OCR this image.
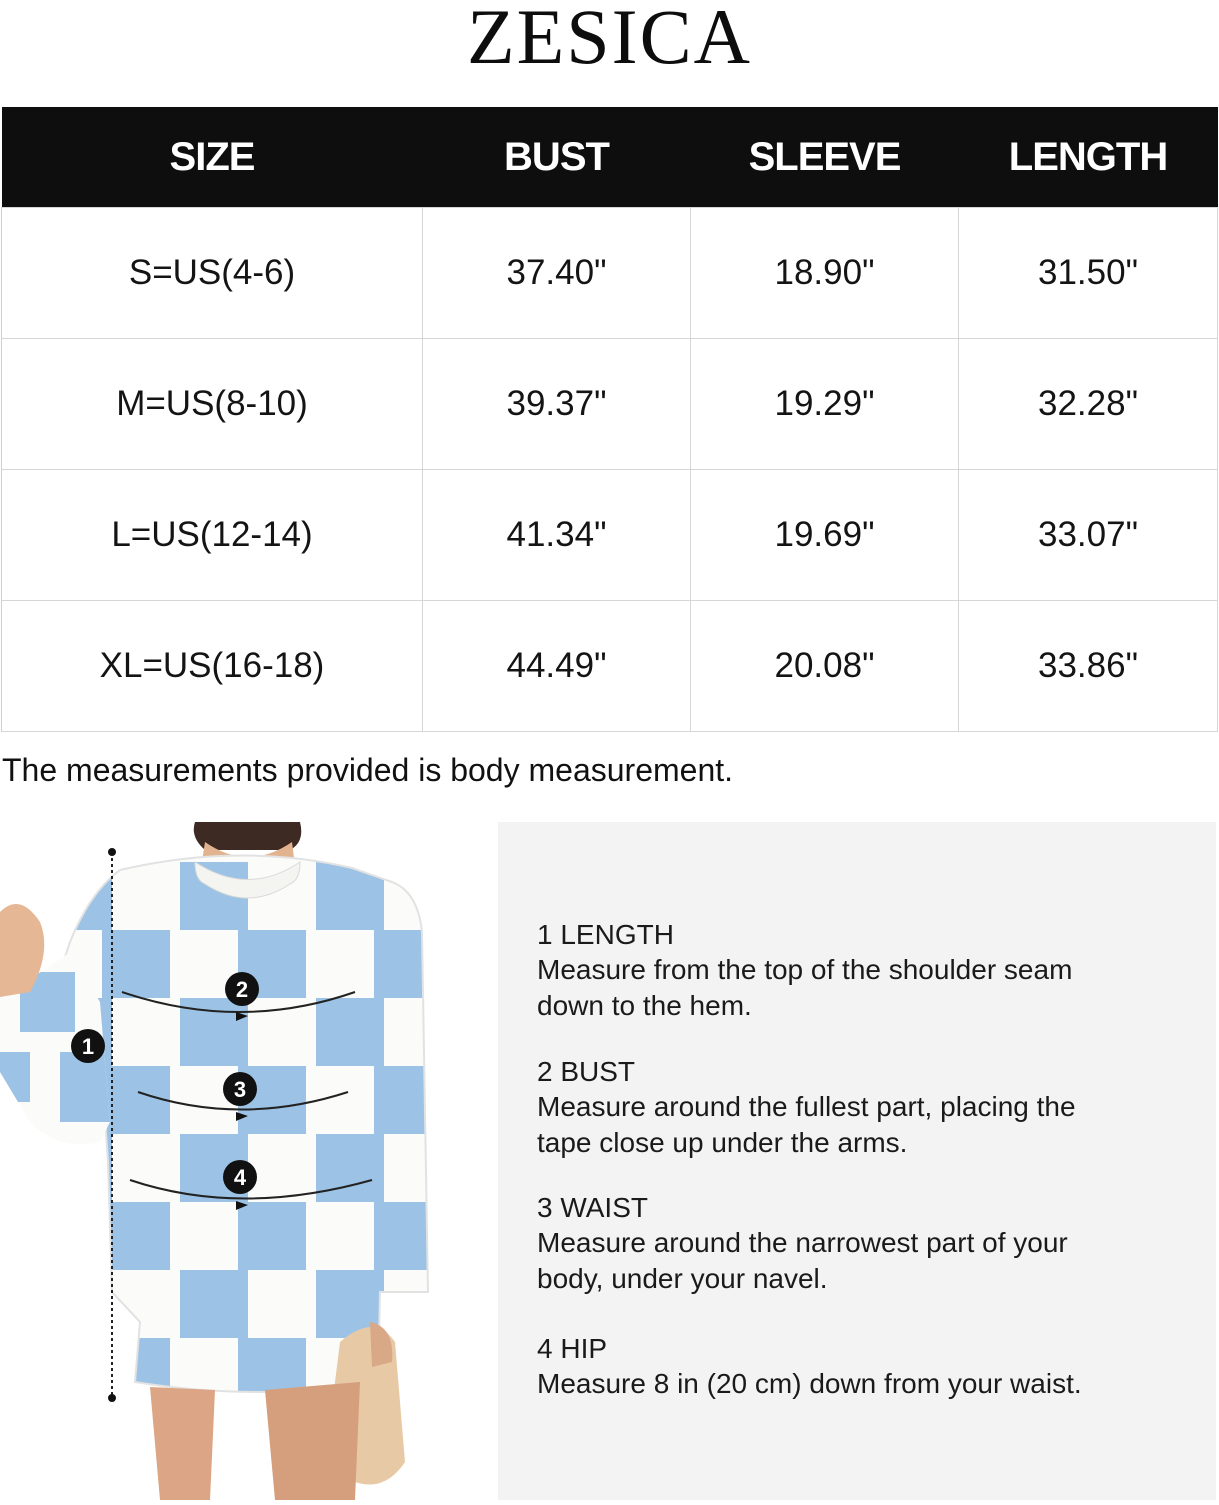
ZESICA
SIZE	BUST	SLEEVE	LENGTH
S=US(4-6)	37.40"	18.90"	31.50"
M=US(8-10)	39.37"	19.29"	32.28"
L=US(12-14)	41.34"	19.69"	33.07"
XL=US(16-18)	44.49"	20.08"	33.86"
The measurements provided is body measurement.
1
2
3
4
1 LENGTH
Measure from the top of the shoulder seam down to the hem.
2 BUST
Measure around the fullest part, placing the tape close up under the arms.
3 WAIST
Measure around the narrowest part of your body, under your navel.
4 HIP
Measure 8 in (20 cm) down from your waist.
